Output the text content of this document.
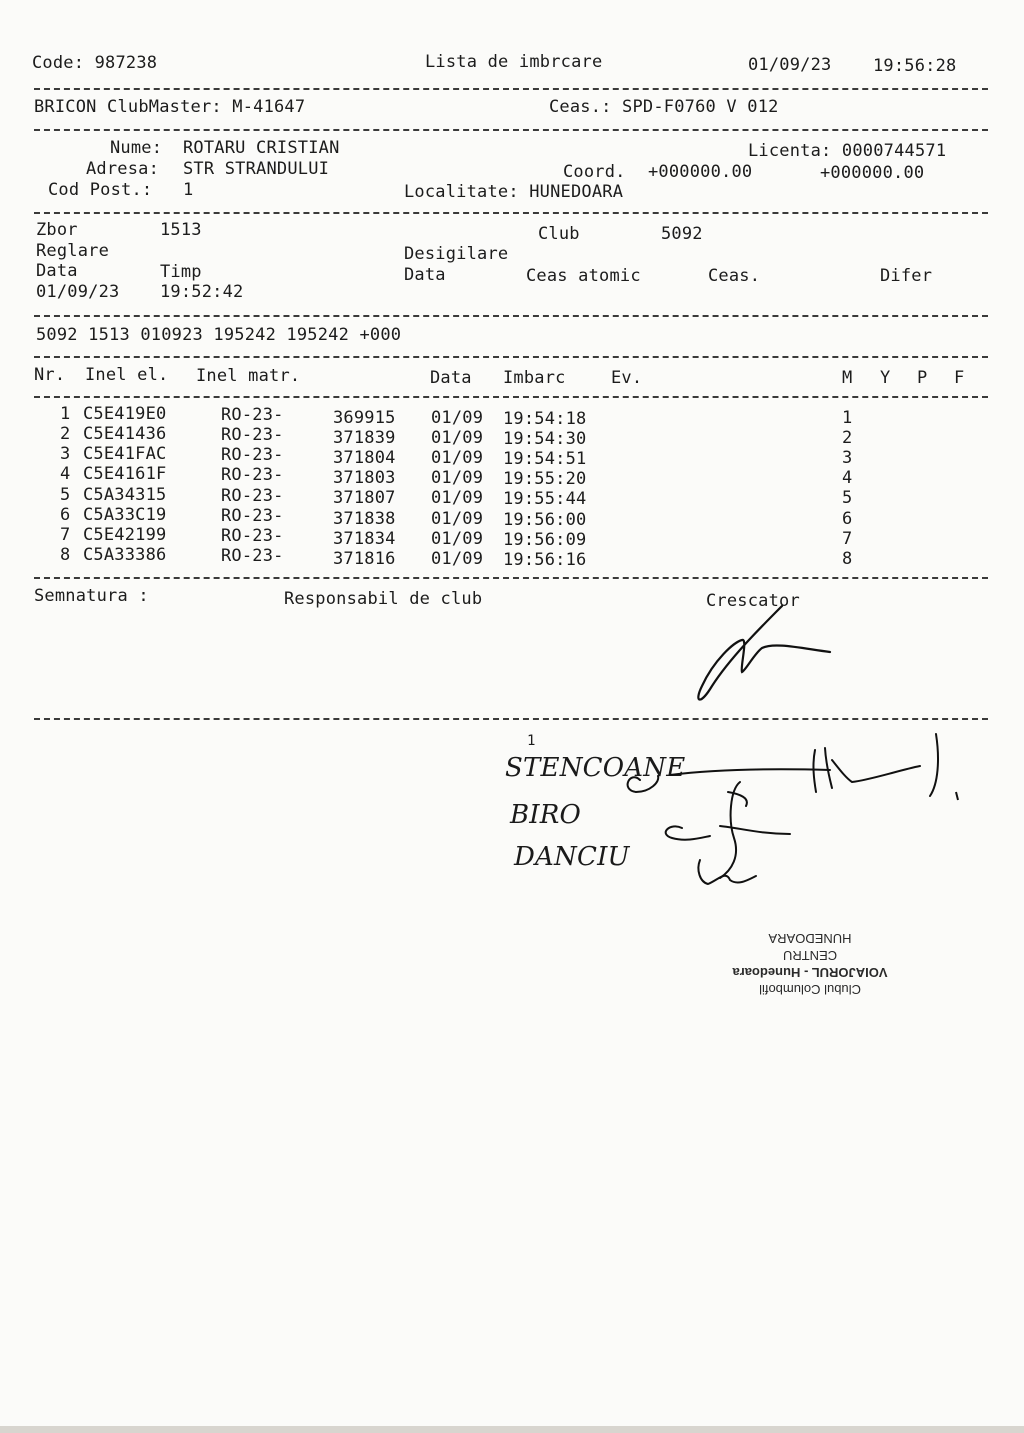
Code: 987238	Lista de imbrcare	01/09/23 19:56:28
BRICON ClubMaster: M-41647	Ceas.: SPD-F0760 V 012
Nume: ROTARU CRISTIAN
Adresa: STR STRANDULUI
Cod Post.: 1
Licenta: 0000744571
Coord. +000000.00	+000000.00
Localitate: HUNEDOARA
Zbor	1513	Club	5092
Reglare	Desigilare
Data	Timp	Data	Ceas atomic	Ceas.	Difer
01/09/23 19:52:42
5092 1513 010923 195242 195242 +000
Nr. Inel el. Inel matr.	Data Imbarc	Ev.	M Y P F
1 C5E419E0	RO-23-	369915 01/09 19:54:18	1
2 C5E41436	RO-23-	371839 01/09 19:54:30	2
3 C5E41FAC	RO-23-	371804 01/09 19:54:51	3
4 C5E4161F	RO-23-	371803 01/09 19:55:20	4
5 C5A34315	RO-23-	371807 01/09 19:55:44	5
6 C5A33C19	RO-23-	371838 01/09 19:56:00	6
7 C5E42199	RO-23-	371834 01/09 19:56:09	7
8 C5A33386	RO-23-	371816 01/09 19:56:16	8
Semnatura :	Responsabil de club	Crescator
1
STENCOANE
BIRO
DANCIU
Clubul Columbofil
VOIAJORUL - Hunedoara
CENTRU
HUNEDOARA
